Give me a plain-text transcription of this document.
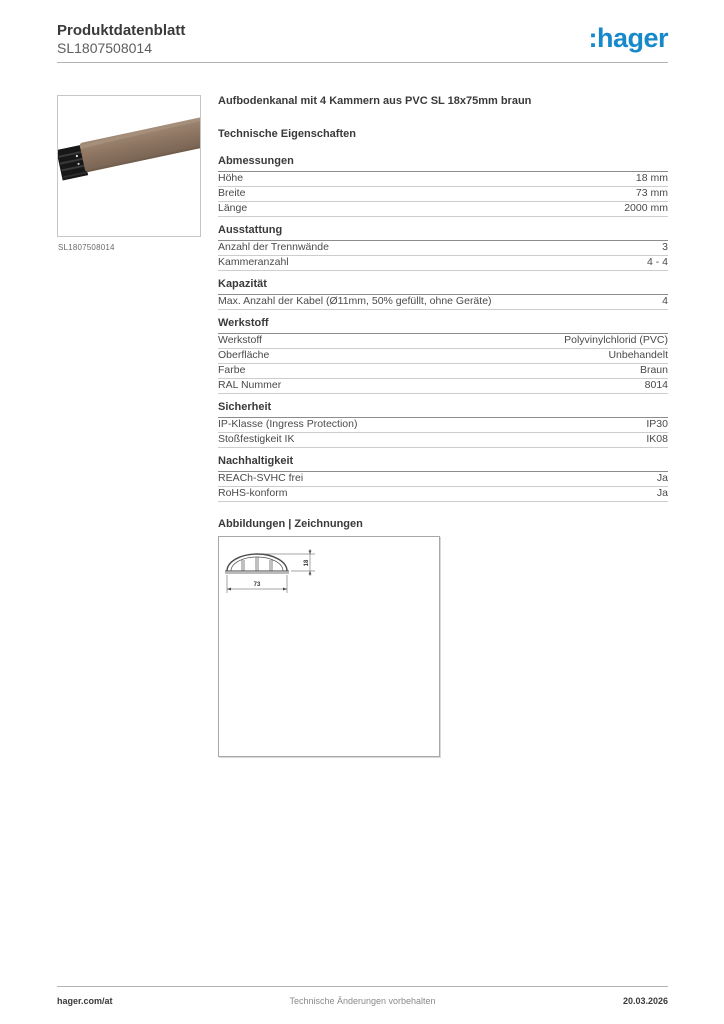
Produktdatenblatt
SL1807508014	:hager
SL1807508014
Aufbodenkanal mit 4 Kammern aus PVC SL 18x75mm braun
Technische Eigenschaften
Abmessungen
Höhe	18 mm
Breite	73 mm
Länge	2000 mm
Ausstattung
Anzahl der Trennwände	3
Kammeranzahl	4 - 4
Kapazität
Max. Anzahl der Kabel (Ø11mm, 50% gefüllt, ohne Geräte)	4
Werkstoff
Werkstoff	Polyvinylchlorid (PVC)
Oberfläche	Unbehandelt
Farbe	Braun
RAL Nummer	8014
Sicherheit
IP-Klasse (Ingress Protection)	IP30
Stoßfestigkeit IK	IK08
Nachhaltigkeit
REACh-SVHC frei	Ja
RoHS-konform	Ja
Abbildungen | Zeichnungen
73
18
hager.com/at	Technische Änderungen vorbehalten	20.03.2026
